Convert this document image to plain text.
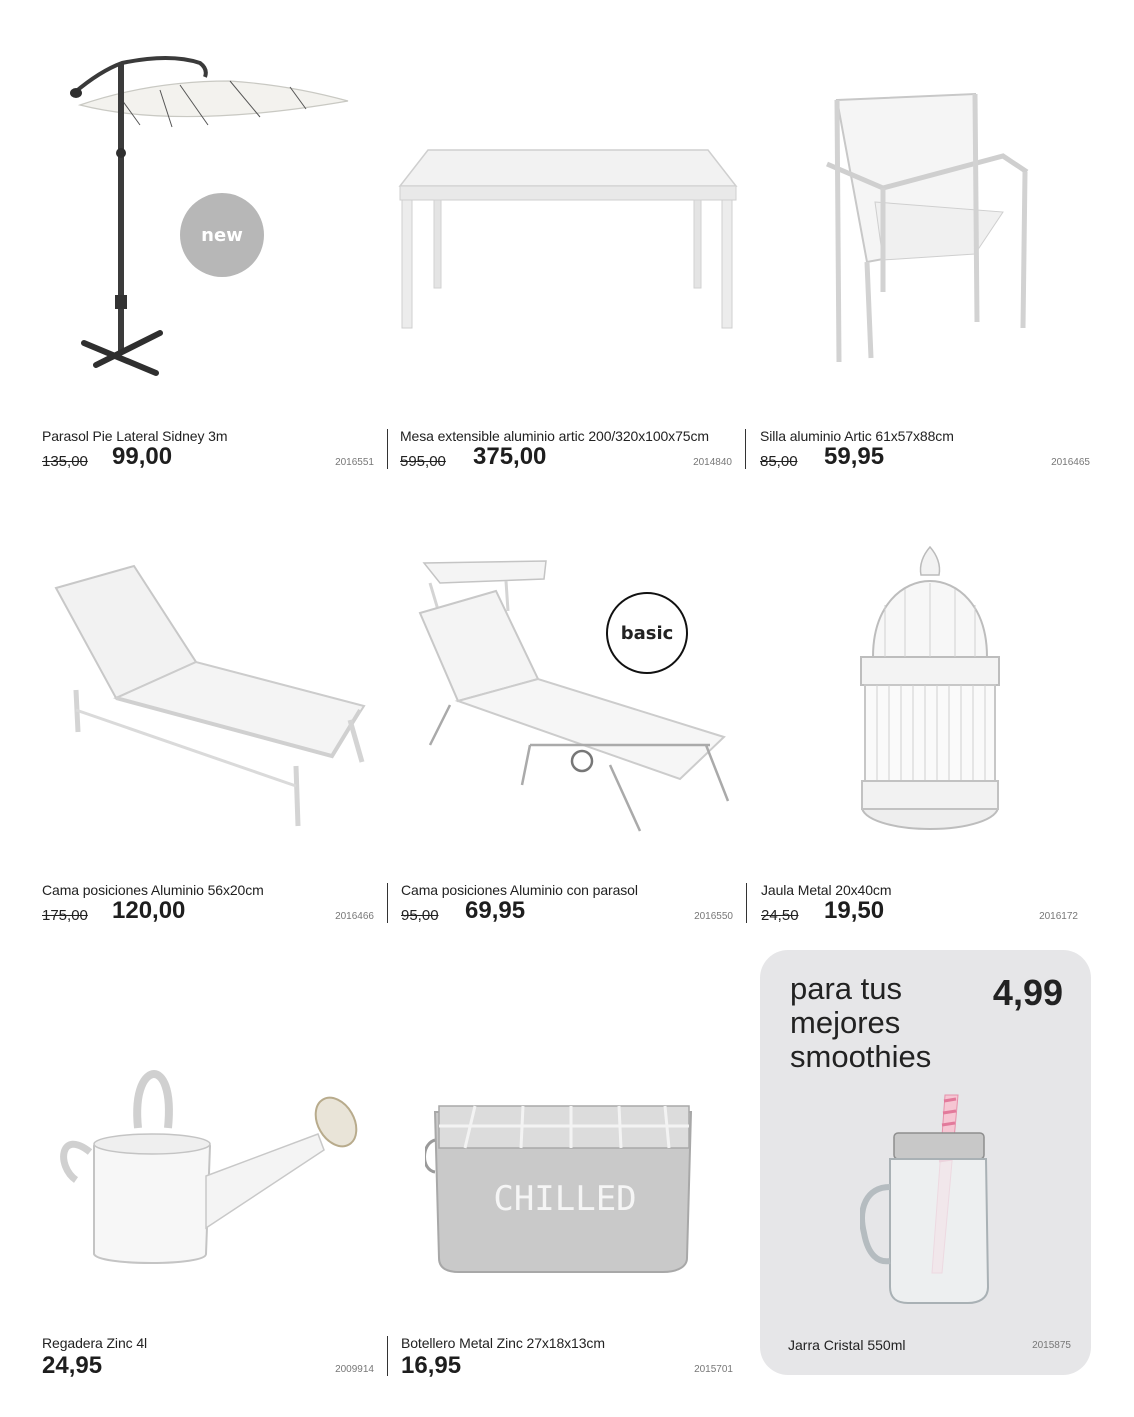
new
Parasol Pie Lateral Sidney 3m
135,00 99,00	2016551
Mesa extensible aluminio artic 200/320x100x75cm
595,00 375,00	2014840
Silla aluminio Artic 61x57x88cm
85,00 59,95	2016465
basic
Cama posiciones Aluminio 56x20cm
175,00 120,00	2016466
Cama posiciones Aluminio con parasol
95,00 69,95	2016550
Jaula Metal 20x40cm
24,50 19,50	2016172
CHILLED
Regadera Zinc 4l
24,95	2009914
Botellero Metal Zinc 27x18x13cm
16,95	2015701
para tus
mejores
smoothies
4,99
Jarra Cristal 550ml	2015875
